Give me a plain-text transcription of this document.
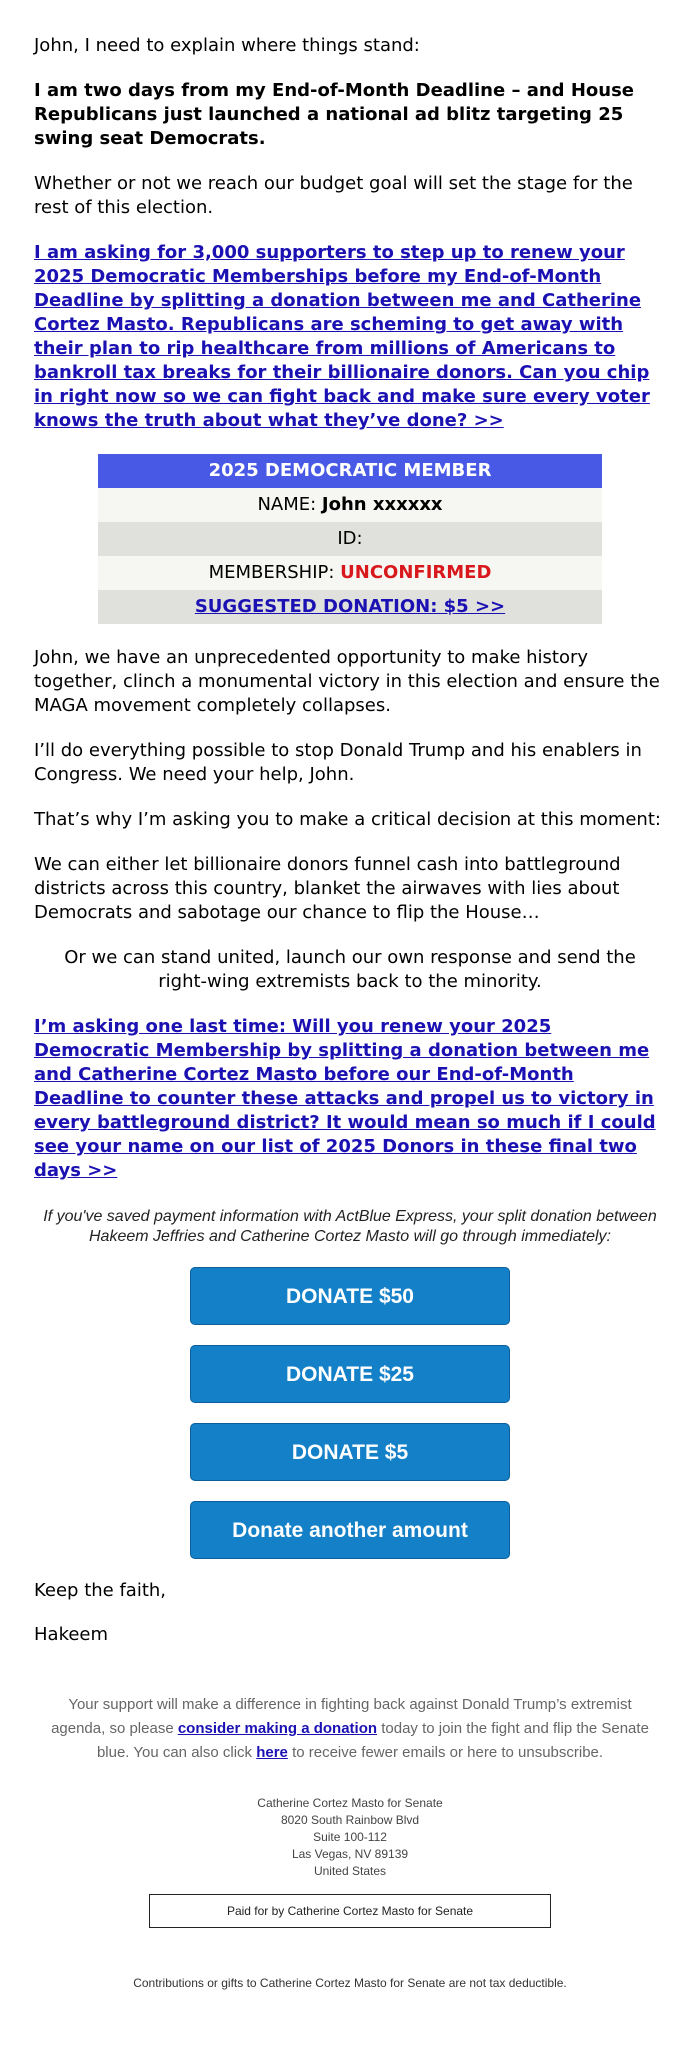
John, I need to explain where things stand:

I am two days from my End-of-Month Deadline – and House Republicans just launched a national ad blitz targeting 25 swing seat Democrats.

Whether or not we reach our budget goal will set the stage for the rest of this election.

I am asking for 3,000 supporters to step up to renew your 2025 Democratic Memberships before my End-of-Month Deadline by splitting a donation between me and Catherine Cortez Masto. Republicans are scheming to get away with their plan to rip healthcare from millions of Americans to bankroll tax breaks for their billionaire donors. Can you chip in right now so we can fight back and make sure every voter knows the truth about what they’ve done? >>

2025 DEMOCRATIC MEMBER
NAME: John xxxxxx
ID:
MEMBERSHIP: UNCONFIRMED
SUGGESTED DONATION: $5 >>

John, we have an unprecedented opportunity to make history together, clinch a monumental victory in this election and ensure the MAGA movement completely collapses.

I’ll do everything possible to stop Donald Trump and his enablers in Congress. We need your help, John.

That’s why I’m asking you to make a critical decision at this moment:

We can either let billionaire donors funnel cash into battleground districts across this country, blanket the airwaves with lies about Democrats and sabotage our chance to flip the House…

Or we can stand united, launch our own response and send the right-wing extremists back to the minority.

I’m asking one last time: Will you renew your 2025 Democratic Membership by splitting a donation between me and Catherine Cortez Masto before our End-of-Month Deadline to counter these attacks and propel us to victory in every battleground district? It would mean so much if I could see your name on our list of 2025 Donors in these final two days >>

If you've saved payment information with ActBlue Express, your split donation between Hakeem Jeffries and Catherine Cortez Masto will go through immediately:

DONATE $50
DONATE $25
DONATE $5
Donate another amount

Keep the faith,

Hakeem

Your support will make a difference in fighting back against Donald Trump’s extremist agenda, so please consider making a donation today to join the fight and flip the Senate blue. You can also click here to receive fewer emails or here to unsubscribe.

Catherine Cortez Masto for Senate
8020 South Rainbow Blvd
Suite 100-112
Las Vegas, NV 89139
United States
Paid for by Catherine Cortez Masto for Senate

Contributions or gifts to Catherine Cortez Masto for Senate are not tax deductible.
